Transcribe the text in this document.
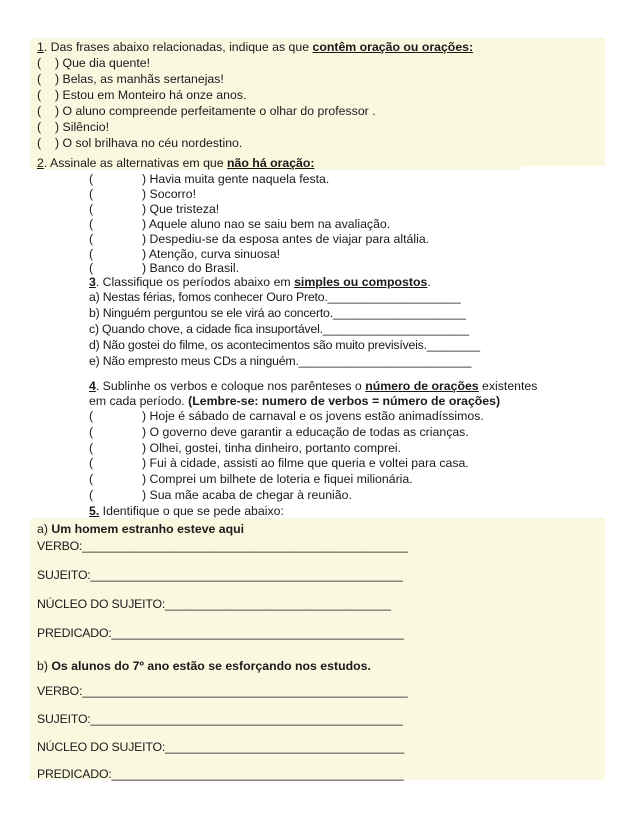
1. Das frases abaixo relacionadas, indique as que contêm oração ou orações:
( ) Que dia quente!
( ) Belas, as manhãs sertanejas!
( ) Estou em Monteiro há onze anos.
( ) O aluno compreende perfeitamente o olhar do professor .
( ) Silêncio!
( ) O sol brilhava no céu nordestino.
2. Assinale as alternativas em que não há oração:
(	) Havia muita gente naquela festa.
(	) Socorro!
(	) Que tristeza!
(	) Aquele aluno nao se saiu bem na avaliação.
(	) Despediu-se da esposa antes de viajar para altália.
(	) Atenção, curva sinuosa!
(	) Banco do Brasil.
3. Classifique os períodos abaixo em simples ou compostos.
a) Nestas férias, fomos conhecer Ouro Preto.____________________
b) Ninguém perguntou se ele virá ao concerto.____________________
c) Quando chove, a cidade fica insuportável.______________________
d) Não gostei do filme, os acontecimentos são muito previsíveis.________
e) Não empresto meus CDs a ninguém.__________________________
4. Sublinhe os verbos e coloque nos parênteses o número de orações existentes
em cada período. (Lembre-se: numero de verbos = número de orações)
(	) Hoje é sábado de carnaval e os jovens estão animadíssimos.
(	) O governo deve garantir a educação de todas as crianças.
(	) Olhei, gostei, tinha dinheiro, portanto comprei.
(	) Fui à cidade, assisti ao filme que queria e voltei para casa.
(	) Comprei um bilhete de loteria e fiquei milionária.
(	) Sua mãe acaba de chegar à reunião.
5. Identifique o que se pede abaixo:
a) Um homem estranho esteve aqui
VERBO:_________________________________________________
SUJEITO:_______________________________________________
NÚCLEO DO SUJEITO:__________________________________
PREDICADO:____________________________________________
b) Os alunos do 7º ano estão se esforçando nos estudos.
VERBO:_________________________________________________
SUJEITO:_______________________________________________
NÚCLEO DO SUJEITO:____________________________________
PREDICADO:____________________________________________
